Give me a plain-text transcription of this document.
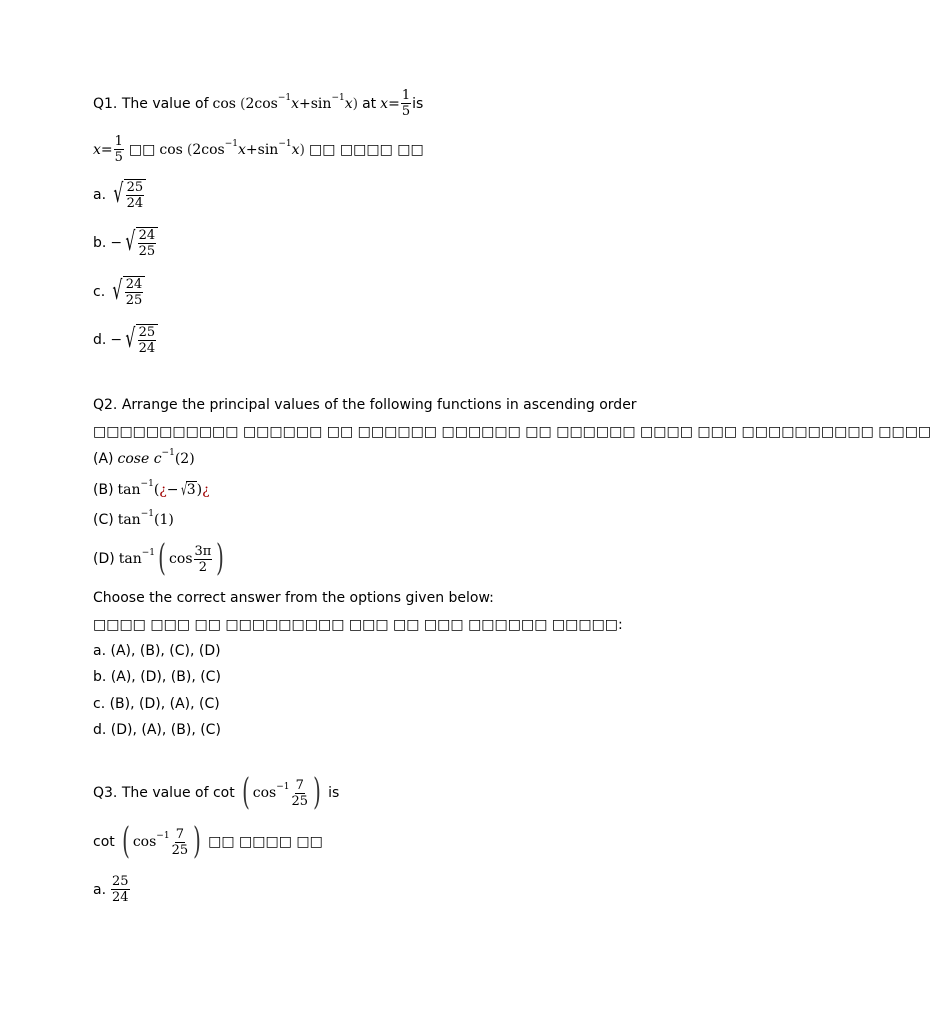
Q1. The value of cos ( 2 cos −1 x + sin −1 x ) at $x = \frac{1}{5}$ is
$x = \frac{1}{5}$ □□ cos ( 2 cos −1 x + sin −1 x ) □□ □□□□ □□
a. √ $\frac{25}{24}$
b. − √ $\frac{24}{25}$
c. √ $\frac{24}{25}$
d. − √ $\frac{25}{24}$
Q2. Arrange the principal values of the following functions in ascending order
□□□□□□□□□□□ □□□□□□ □□ □□□□□□ □□□□□□ □□ □□□□□□ □□□□ □□□ □□□□□□□□□□ □□□□
(A) cose c −1 (2)
(B) tan −1 ( ¿ − √ 3 ) ¿
(C) tan −1 (1)
(D) tan −1 ( $\cos \frac{3\pi}{2}$ )
Choose the correct answer from the options given below:
□□□□ □□□ □□ □□□□□□□□□ □□□ □□ □□□ □□□□□□ □□□□□:
a. (A), (B), (C), (D)
b. (A), (D), (B), (C)
c. (B), (D), (A), (C)
d. (D), (A), (B), (C)
Q3. The value of cot ( $\cos -1 \frac{7}{25}$ ) is
cot ( $\cos -1 \frac{7}{25}$ ) □□ □□□□ □□
a. $\frac{25}{24}$
